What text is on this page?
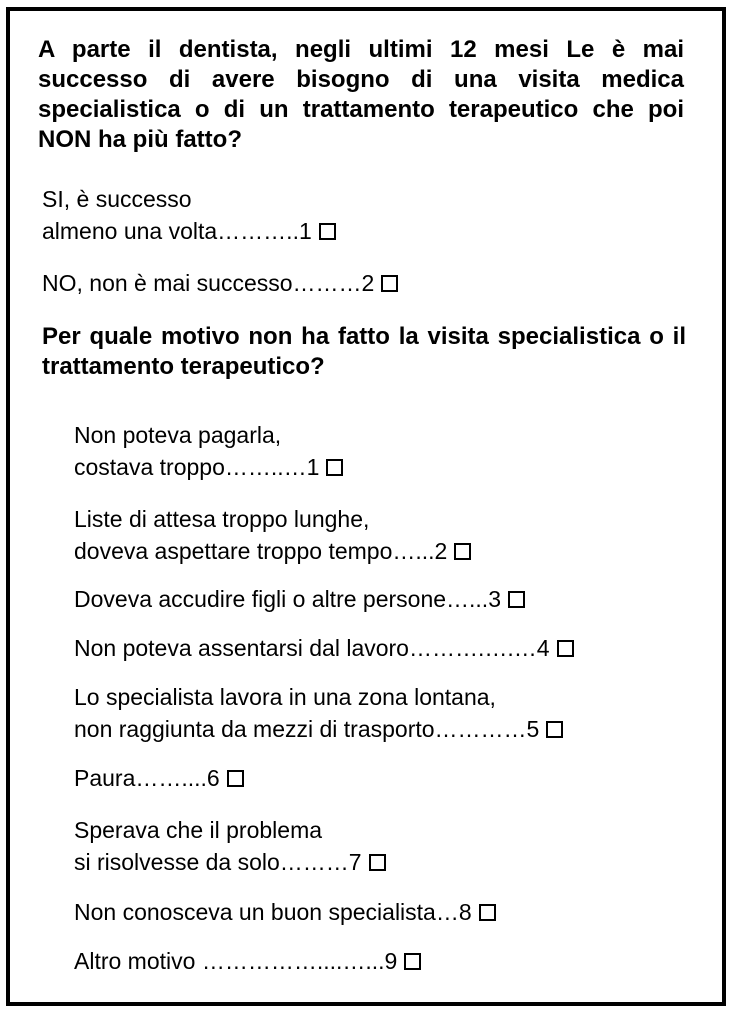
A parte il dentista, negli ultimi 12 mesi Le è mai successo di avere bisogno di una visita medica specialistica o di un trattamento terapeutico che poi NON ha più fatto?
SI, è successo
almeno una volta………..1
NO, non è mai successo………2
Per quale motivo non ha fatto la visita specialistica o il trattamento terapeutico?
Non poteva pagarla,
costava troppo……..…1
Liste di attesa troppo lunghe,
doveva aspettare troppo tempo…...2
Doveva accudire figli o altre persone…...3
Non poteva assentarsi dal lavoro……….….…4
Lo specialista lavora in una zona lontana,
non raggiunta da mezzi di trasporto…………5
Paura……....6
Sperava che il problema
si risolvesse da solo………7
Non conosceva un buon specialista…8
Altro motivo ……………....…...9
